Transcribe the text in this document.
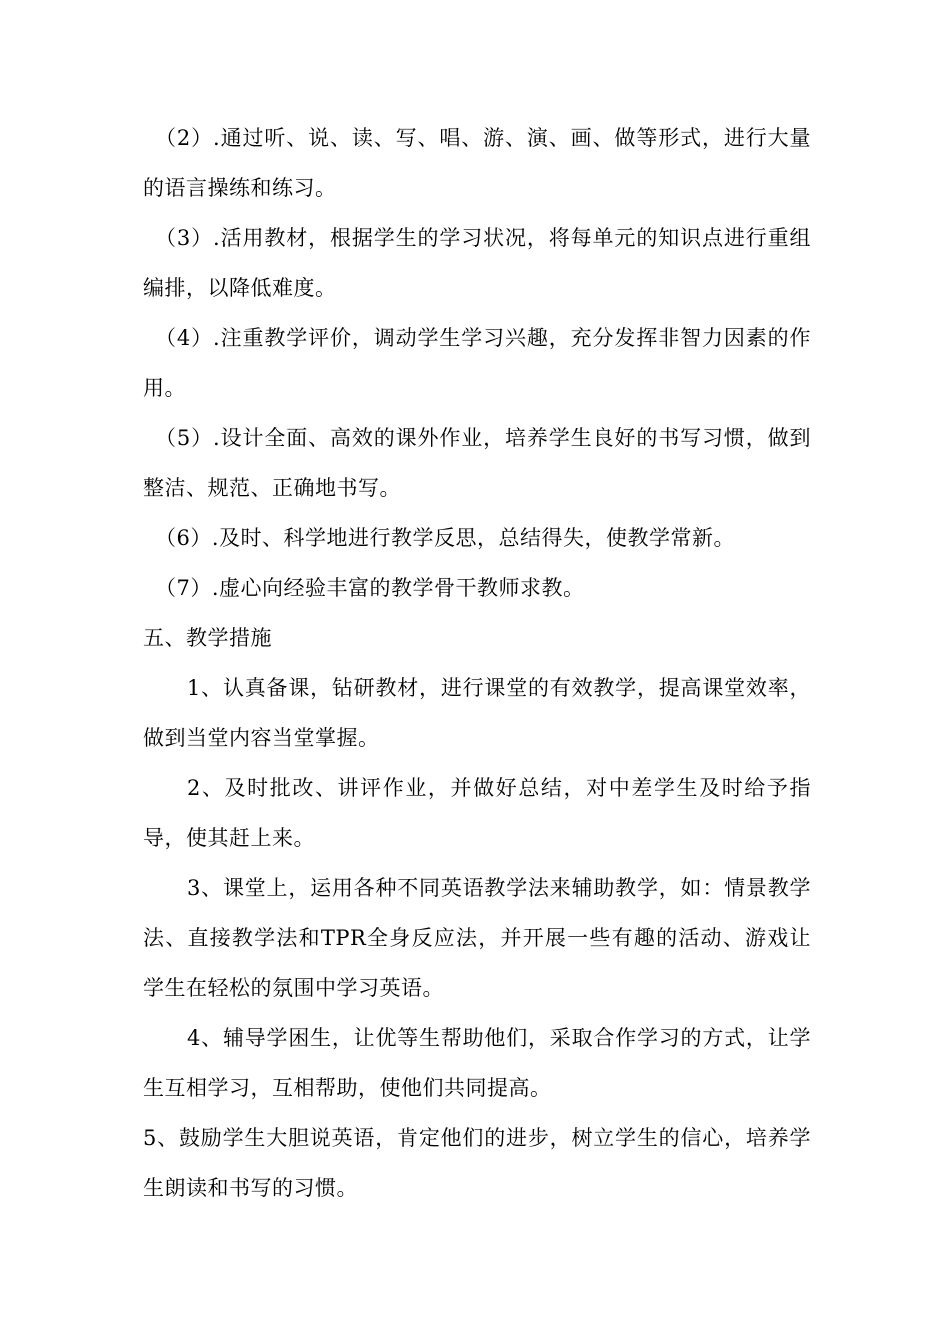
（2）.通过听、说、读、写、唱、游、演、画、做等形式，进行大量的语言操练和练习。

（3）.活用教材，根据学生的学习状况，将每单元的知识点进行重组编排，以降低难度。

（4）.注重教学评价，调动学生学习兴趣，充分发挥非智力因素的作用。

（5）.设计全面、高效的课外作业，培养学生良好的书写习惯，做到整洁、规范、正确地书写。

（6）.及时、科学地进行教学反思，总结得失，使教学常新。

（7）.虚心向经验丰富的教学骨干教师求教。

五、教学措施

1、认真备课，钻研教材，进行课堂的有效教学，提高课堂效率，做到当堂内容当堂掌握。

2、及时批改、讲评作业，并做好总结，对中差学生及时给予指导，使其赶上来。

3、课堂上，运用各种不同英语教学法来辅助教学，如：情景教学法、直接教学法和TPR全身反应法，并开展一些有趣的活动、游戏让学生在轻松的氛围中学习英语。

4、辅导学困生，让优等生帮助他们，采取合作学习的方式，让学生互相学习，互相帮助，使他们共同提高。

5、鼓励学生大胆说英语，肯定他们的进步，树立学生的信心，培养学生朗读和书写的习惯。
